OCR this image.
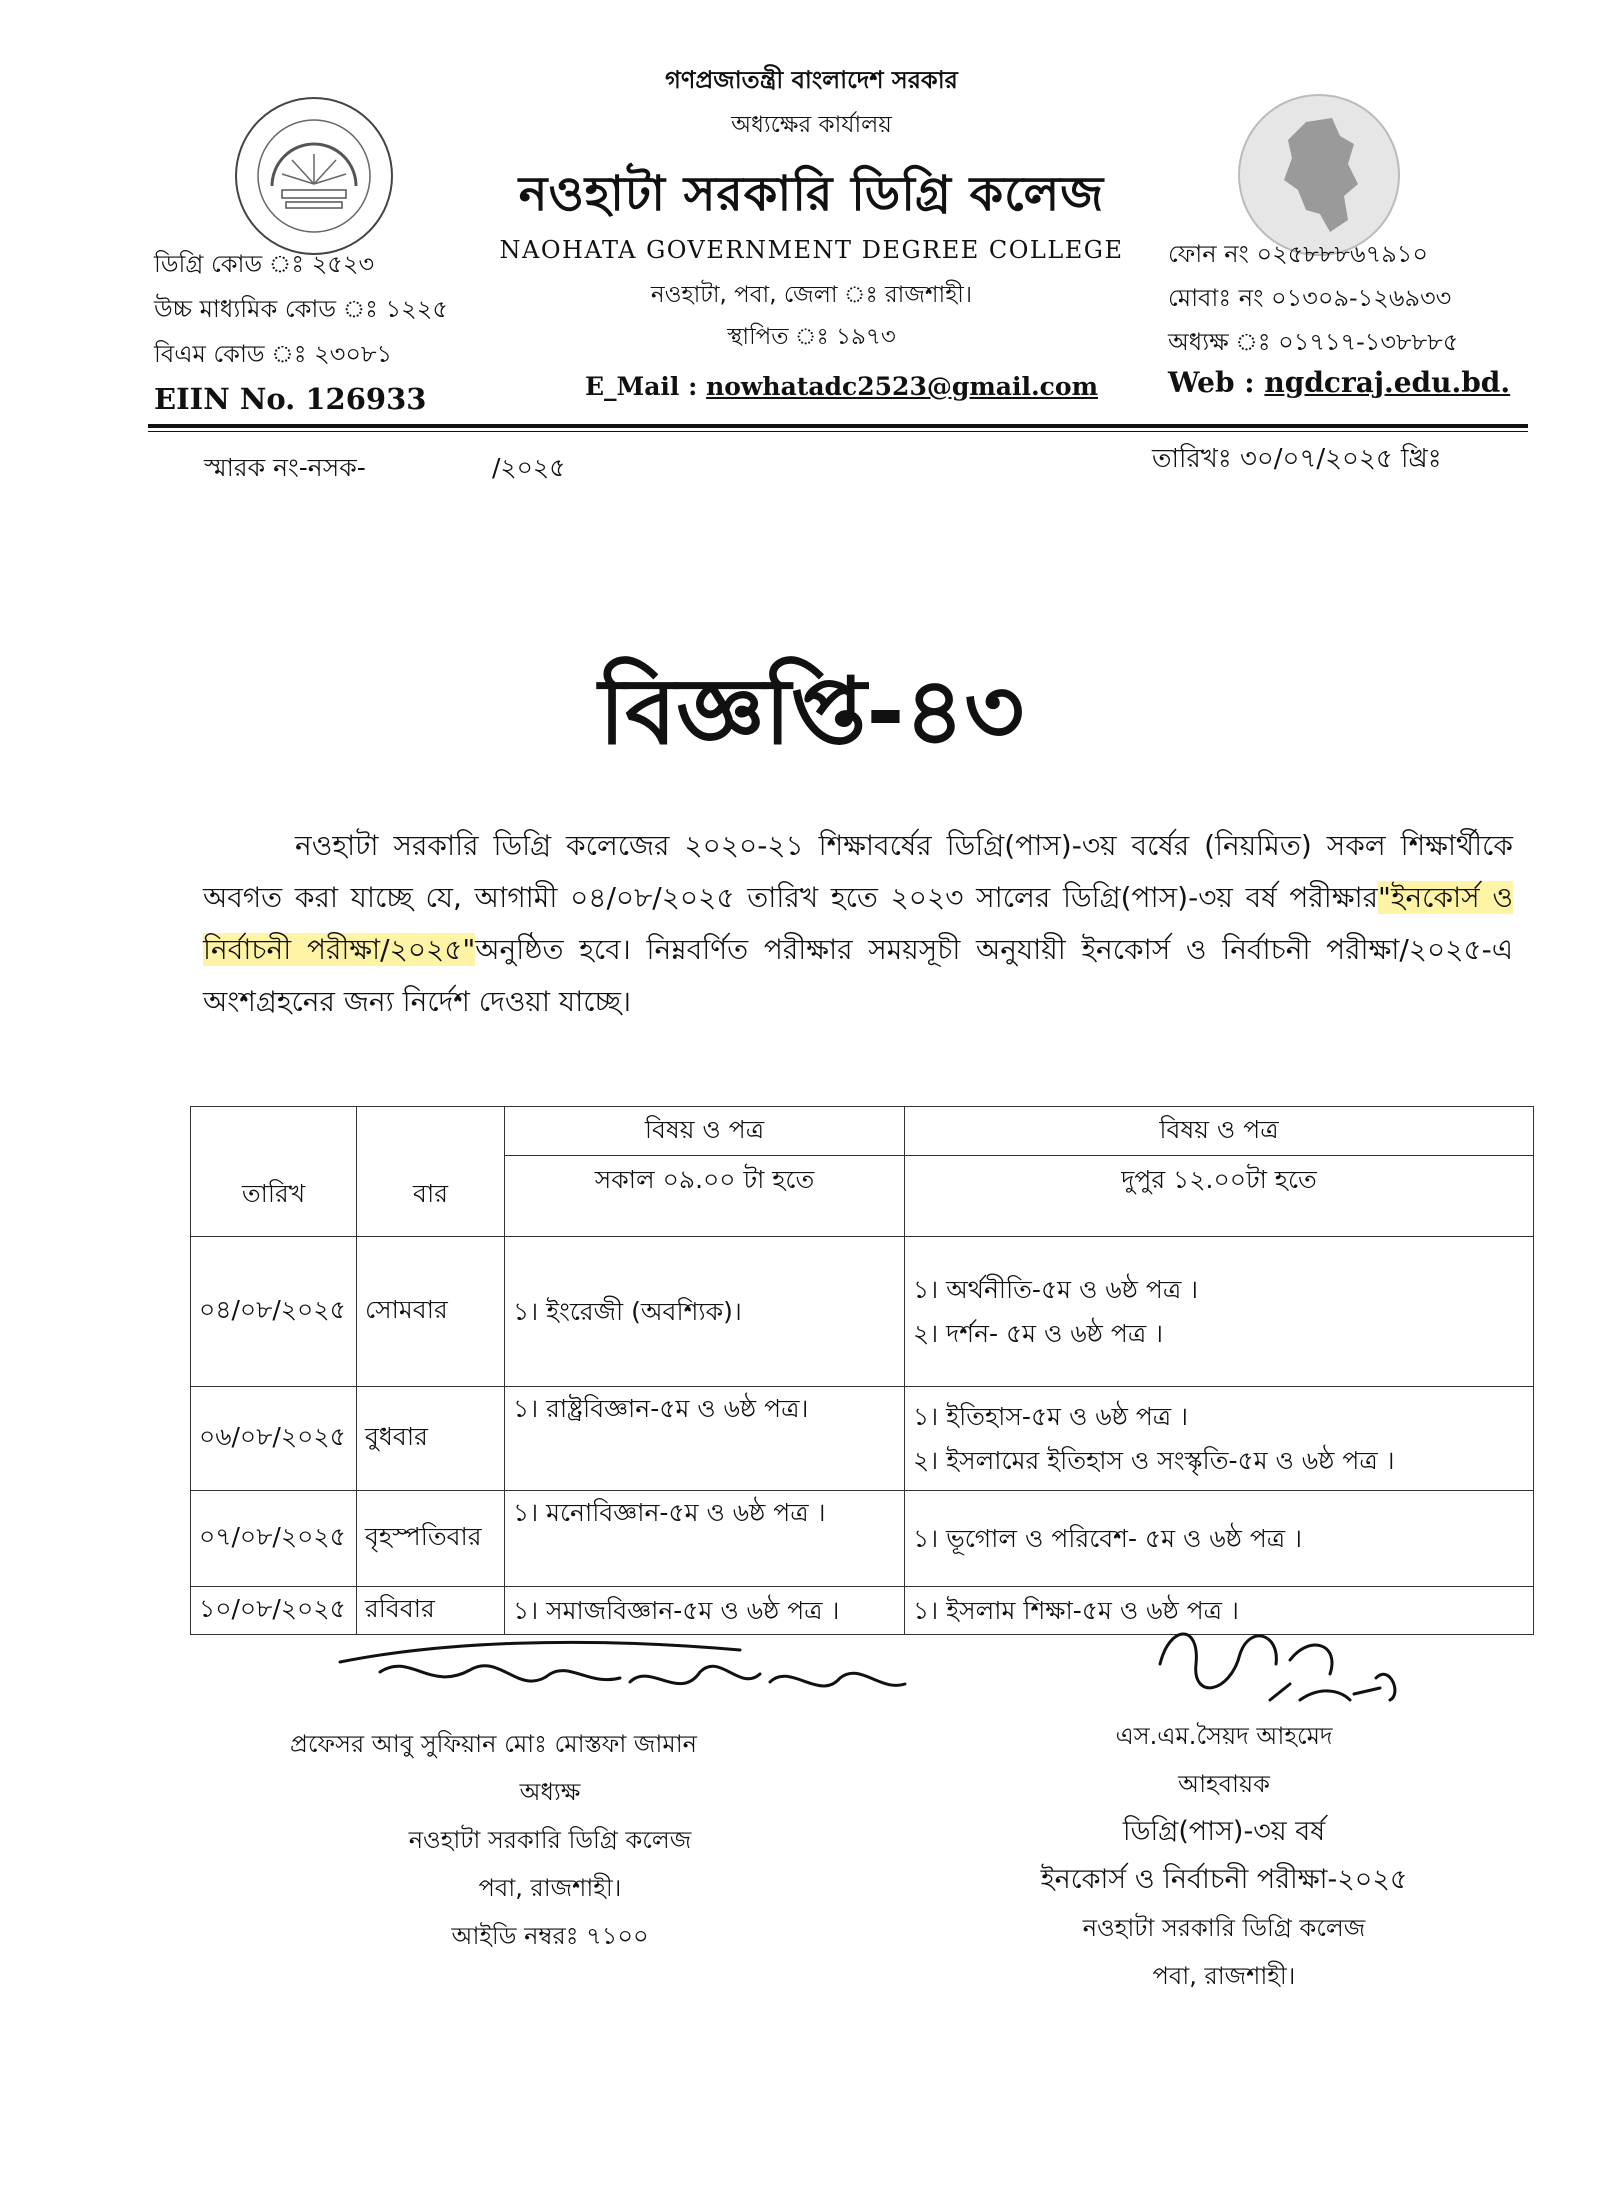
গণপ্রজাতন্ত্রী বাংলাদেশ সরকার
অধ্যক্ষের কার্যালয়
নওহাটা সরকারি ডিগ্রি কলেজ
NAOHATA GOVERNMENT DEGREE COLLEGE
নওহাটা, পবা, জেলা ঃ রাজশাহী।
স্থাপিত ঃ ১৯৭৩
E_Mail : nowhatadc2523@gmail.com
ডিগ্রি কোড ঃ ২৫২৩
উচ্চ মাধ্যমিক কোড ঃ ১২২৫
বিএম কোড ঃ ২৩০৮১
EIIN No. 126933
ফোন নং ০২৫৮৮৮৬৭৯১০
মোবাঃ নং ০১৩০৯-১২৬৯৩৩
অধ্যক্ষ ঃ ০১৭১৭-১৩৮৮৮৫
Web : ngdcraj.edu.bd.
স্মারক নং-নসক-	/২০২৫	তারিখঃ ৩০/০৭/২০২৫ খ্রিঃ
বিজ্ঞপ্তি-৪৩
নওহাটা সরকারি ডিগ্রি কলেজের ২০২০-২১ শিক্ষাবর্ষের ডিগ্রি(পাস)-৩য় বর্ষের (নিয়মিত) সকল শিক্ষার্থীকে অবগত করা যাচ্ছে যে, আগামী ০৪/০৮/২০২৫ তারিখ হতে ২০২৩ সালের ডিগ্রি(পাস)-৩য় বর্ষ পরীক্ষার"ইনকোর্স ও নির্বাচনী পরীক্ষা/২০২৫"অনুষ্ঠিত হবে। নিম্নবর্ণিত পরীক্ষার সময়সূচী অনুযায়ী ইনকোর্স ও নির্বাচনী পরীক্ষা/২০২৫-এ অংশগ্রহনের জন্য নির্দেশ দেওয়া যাচ্ছে।
		বিষয় ও পত্র	বিষয় ও পত্র
তারিখ	বার	সকাল ০৯.০০ টা হতে	দুপুর ১২.০০টা হতে
০৪/০৮/২০২৫	সোমবার	১। ইংরেজী (অবশ্যিক)।	১। অর্থনীতি-৫ম ও ৬ষ্ঠ পত্র ।
২। দর্শন- ৫ম ও ৬ষ্ঠ পত্র ।

০৬/০৮/২০২৫	বুধবার	১। রাষ্ট্রবিজ্ঞান-৫ম ও ৬ষ্ঠ পত্র।	১। ইতিহাস-৫ম ও ৬ষ্ঠ পত্র ।
২। ইসলামের ইতিহাস ও সংস্কৃতি-৫ম ও ৬ষ্ঠ পত্র ।

০৭/০৮/২০২৫	বৃহস্পতিবার	১। মনোবিজ্ঞান-৫ম ও ৬ষ্ঠ পত্র ।	১। ভূগোল ও পরিবেশ- ৫ম ও ৬ষ্ঠ পত্র ।

১০/০৮/২০২৫	রবিবার	১। সমাজবিজ্ঞান-৫ম ও ৬ষ্ঠ পত্র ।	১। ইসলাম শিক্ষা-৫ম ও ৬ষ্ঠ পত্র ।
প্রফেসর আবু সুফিয়ান মোঃ মোস্তফা জামান
অধ্যক্ষ
নওহাটা সরকারি ডিগ্রি কলেজ
পবা, রাজশাহী।
আইডি নম্বরঃ ৭১০০
এস.এম.সৈয়দ আহমেদ
আহবায়ক
ডিগ্রি(পাস)-৩য় বর্ষ
ইনকোর্স ও নির্বাচনী পরীক্ষা-২০২৫
নওহাটা সরকারি ডিগ্রি কলেজ
পবা, রাজশাহী।
